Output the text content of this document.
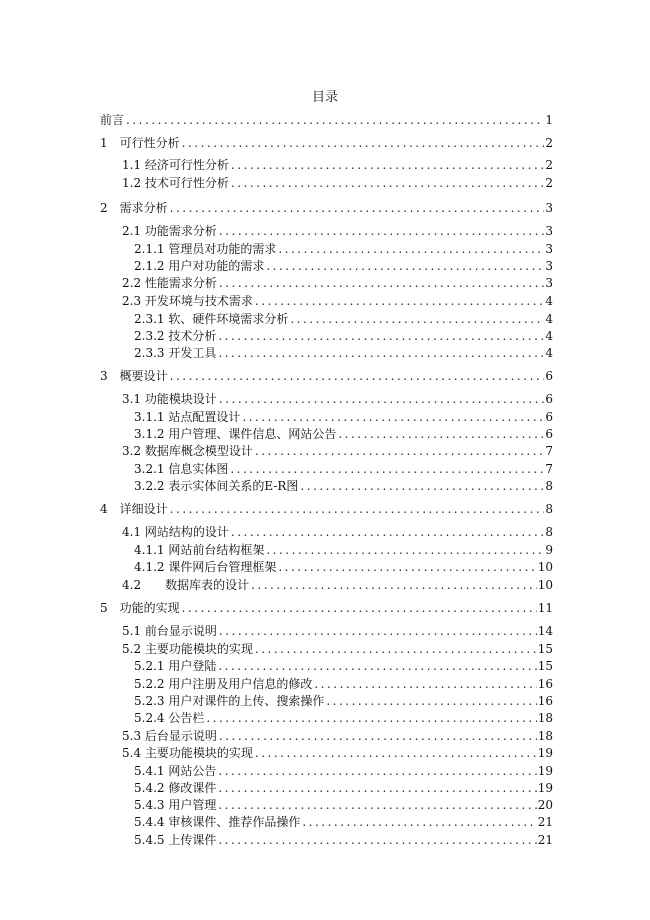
目录
前言 .....	1
1　可行性分析 .....	2
1.1 经济可行性分析 .....	2
1.2 技术可行性分析 .....	2
2　需求分析 .....	3
2.1 功能需求分析 .....	3
2.1.1 管理员对功能的需求 .....	3
2.1.2 用户对功能的需求 .....	3
2.2 性能需求分析 .....	3
2.3 开发环境与技术需求 .....	4
2.3.1 软、硬件环境需求分析 .....	4
2.3.2 技术分析 .....	4
2.3.3 开发工具 .....	4
3　概要设计 .....	6
3.1 功能模块设计 .....	6
3.1.1 站点配置设计 .....	6
3.1.2 用户管理、课件信息、网站公告 .....	6
3.2 数据库概念模型设计 .....	7
3.2.1 信息实体图 .....	7
3.2.2 表示实体间关系的E-R图 .....	8
4　详细设计 .....	8
4.1 网站结构的设计 .....	8
4.1.1 网站前台结构框架 .....	9
4.1.2 课件网后台管理框架 .....	10
4.2　　数据库表的设计 .....	10
5　功能的实现 .....	11
5.1 前台显示说明 .....	14
5.2 主要功能模块的实现 .....	15
5.2.1 用户登陆 .....	15
5.2.2 用户注册及用户信息的修改 .....	16
5.2.3 用户对课件的上传、搜索操作 .....	16
5.2.4 公告栏 .....	18
5.3 后台显示说明 .....	18
5.4 主要功能模块的实现 .....	19
5.4.1 网站公告 .....	19
5.4.2 修改课件 .....	19
5.4.3 用户管理 .....	20
5.4.4 审核课件、推荐作品操作 .....	21
5.4.5 上传课件 .....	21
